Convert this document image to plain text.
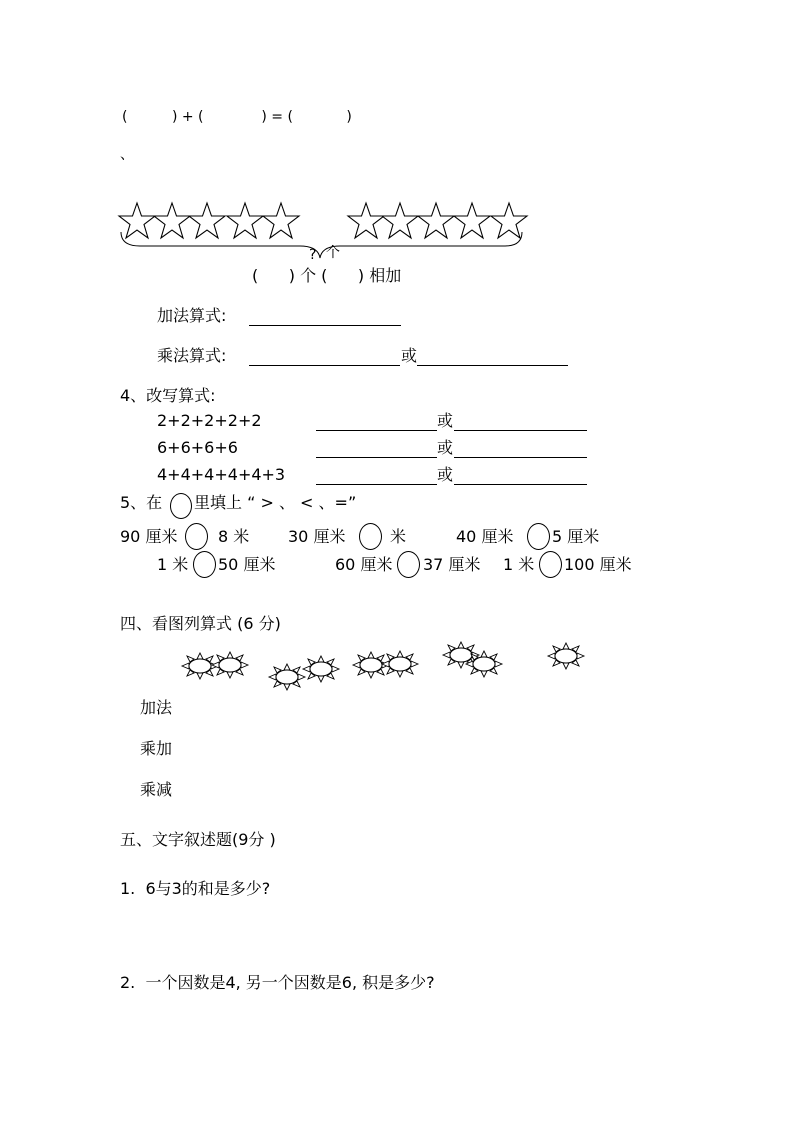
(          ) + (             ) = (            )
、
? 个
(      ) 个 (      ) 相加
加法算式:
乘法算式:	或
4、改写算式:
2+2+2+2+2	或
6+6+6+6	或
4+4+4+4+4+3	或
5、在 里填上 “ > 、 < 、=”
90 厘米	8 米 30 厘米	米	40 厘米 5 厘米
1 米 50 厘米	60 厘米 37 厘米 1 米 100 厘米
四、看图列算式 (6 分)
加法
乘加
乘减
五、文字叙述题(9分 )
1.  6与3的和是多少?
2.  一个因数是4, 另一个因数是6, 积是多少?
